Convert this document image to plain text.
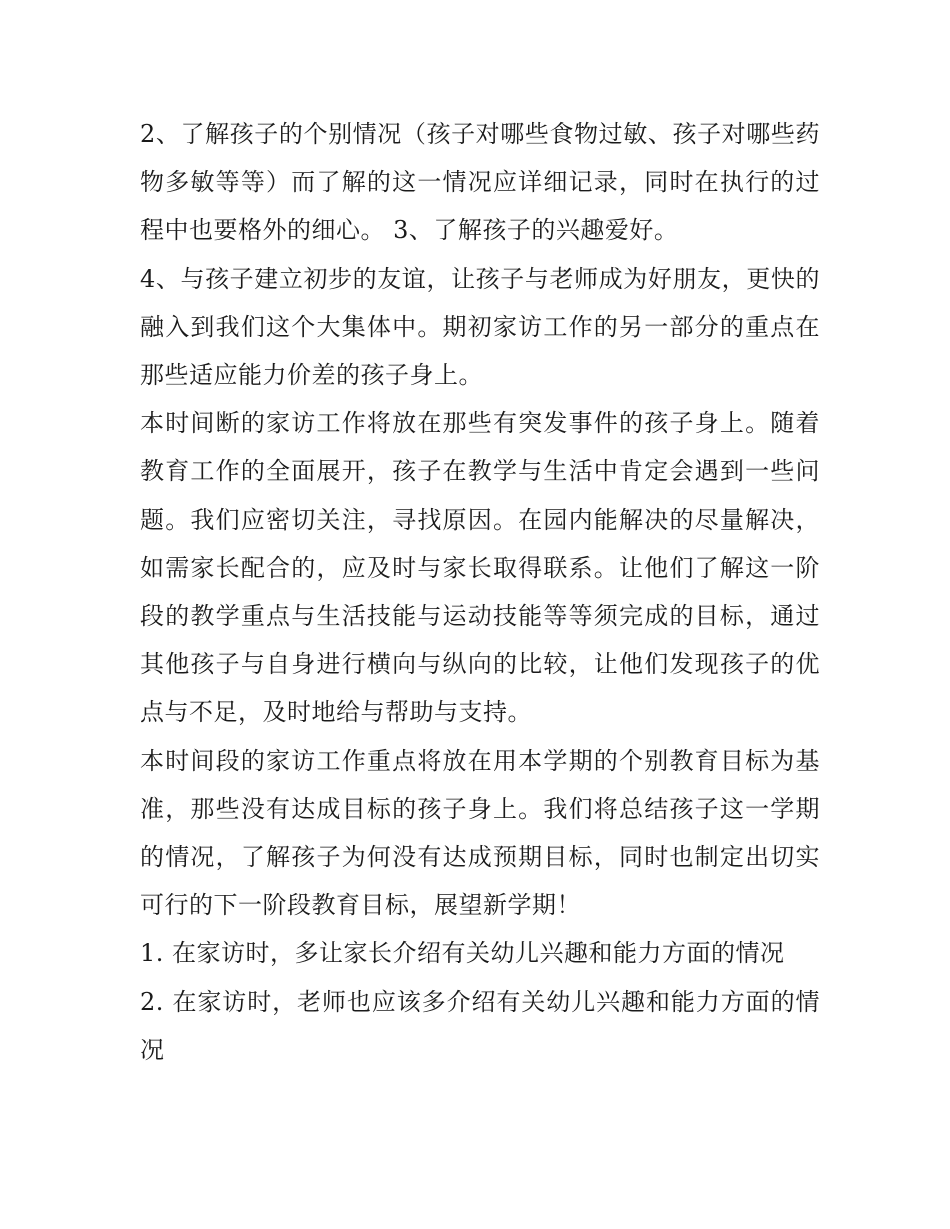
2、了解孩子的个别情况（孩子对哪些食物过敏、孩子对哪些药物多敏等等）而了解的这一情况应详细记录，同时在执行的过程中也要格外的细心。 3、了解孩子的兴趣爱好。

4、与孩子建立初步的友谊，让孩子与老师成为好朋友，更快的融入到我们这个大集体中。期初家访工作的另一部分的重点在那些适应能力价差的孩子身上。

本时间断的家访工作将放在那些有突发事件的孩子身上。随着教育工作的全面展开，孩子在教学与生活中肯定会遇到一些问题。我们应密切关注，寻找原因。在园内能解决的尽量解决，如需家长配合的，应及时与家长取得联系。让他们了解这一阶段的教学重点与生活技能与运动技能等等须完成的目标，通过其他孩子与自身进行横向与纵向的比较，让他们发现孩子的优点与不足，及时地给与帮助与支持。

本时间段的家访工作重点将放在用本学期的个别教育目标为基准，那些没有达成目标的孩子身上。我们将总结孩子这一学期的情况，了解孩子为何没有达成预期目标，同时也制定出切实可行的下一阶段教育目标，展望新学期！

1. 在家访时，多让家长介绍有关幼儿兴趣和能力方面的情况

2. 在家访时，老师也应该多介绍有关幼儿兴趣和能力方面的情况
